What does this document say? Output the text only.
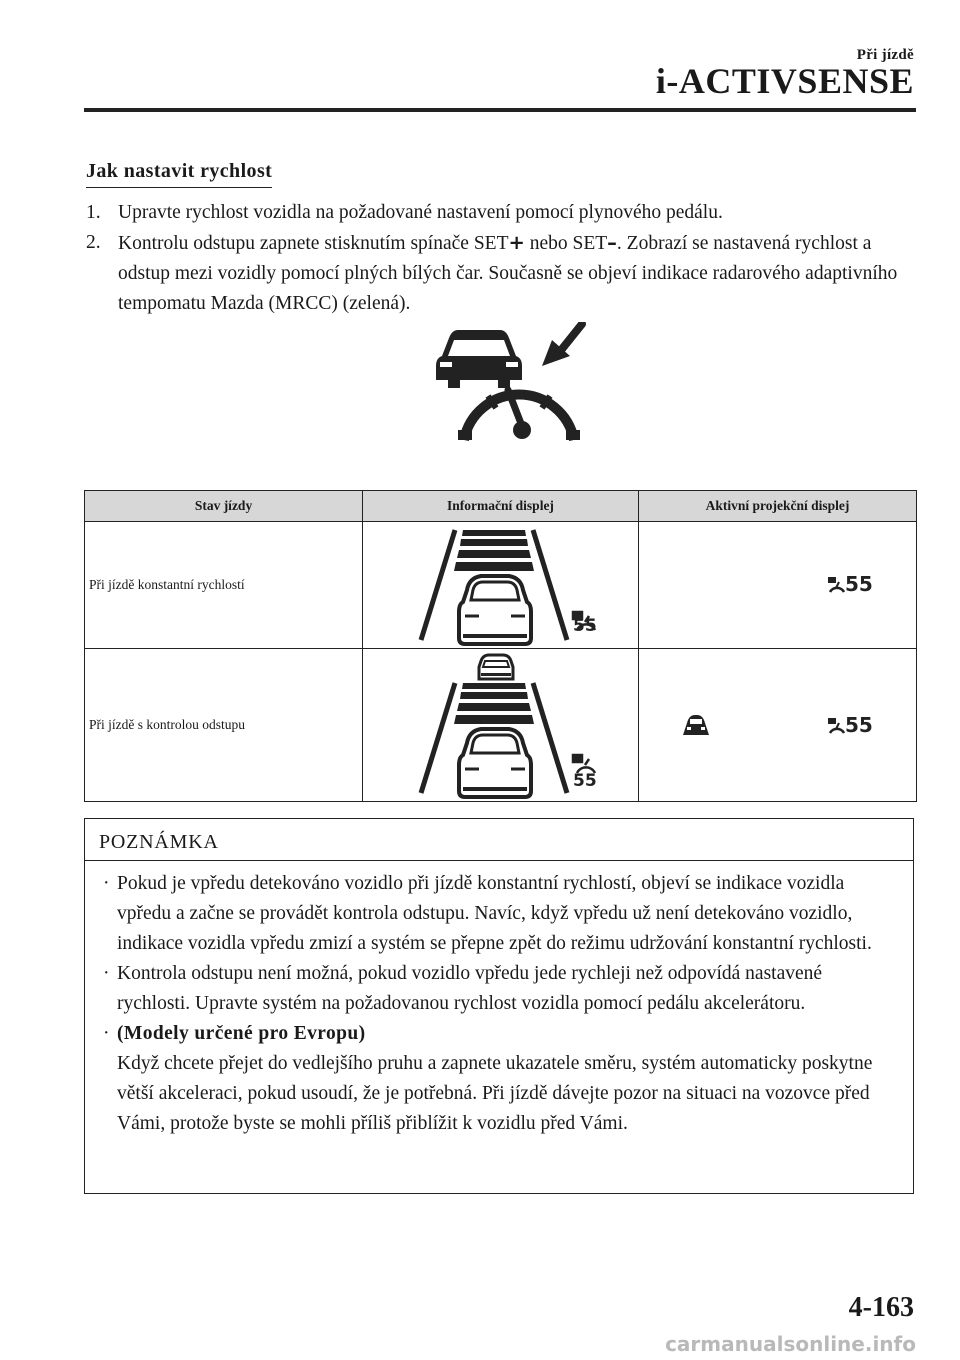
Při jízdě
i-ACTIVSENSE
Jak nastavit rychlost
1. Upravte rychlost vozidla na požadované nastavení pomocí plynového pedálu.
2. Kontrolu odstupu zapnete stisknutím spínače SET+ nebo SET–. Zobrazí se nastavená rychlost a odstup mezi vozidly pomocí plných bílých čar. Současně se objeví indikace radarového adaptivního tempomatu Mazda (MRCC) (zelená).
Stav jízdy	Informační displej	Aktivní projekční displej
Při jízdě konstantní rychlostí	55	55

Při jízdě s kontrolou odstupu	55	55
POZNÁMKA
· Pokud je vpředu detekováno vozidlo při jízdě konstantní rychlostí, objeví se indikace vozidla vpředu a začne se provádět kontrola odstupu. Navíc, když vpředu už není detekováno vozidlo, indikace vozidla vpředu zmizí a systém se přepne zpět do režimu udržování konstantní rychlosti.
· Kontrola odstupu není možná, pokud vozidlo vpředu jede rychleji než odpovídá nastavené rychlosti. Upravte systém na požadovanou rychlost vozidla pomocí pedálu akcelerátoru.
· (Modely určené pro Evropu)
Když chcete přejet do vedlejšího pruhu a zapnete ukazatele směru, systém automaticky poskytne větší akceleraci, pokud usoudí, že je potřebná. Při jízdě dávejte pozor na situaci na vozovce před Vámi, protože byste se mohli příliš přiblížit k vozidlu před Vámi.
4-163
carmanualsonline.info
